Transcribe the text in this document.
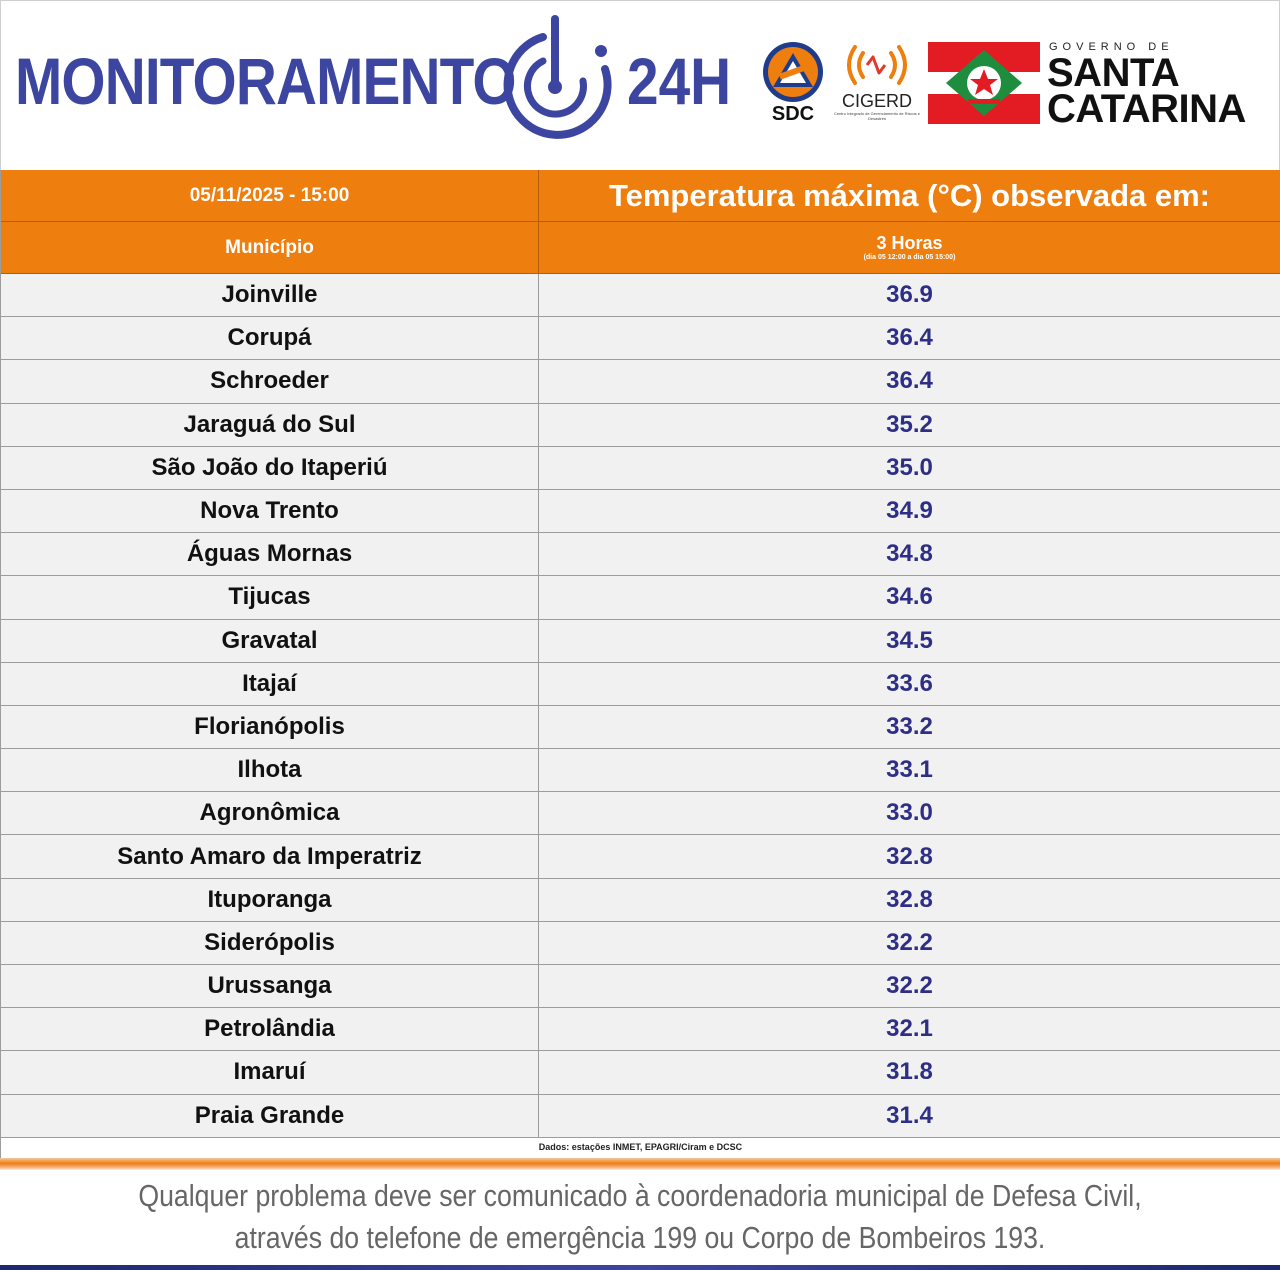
MONITORAMENTO 24H	SDC
CIGERD
Centro Integrado de Gerenciamento de Riscos e Desastres
GOVERNO DE
SANTA
CATARINA
05/11/2025 - 15:00	Temperatura máxima (°C) observada em:
Município	3 Horas
(dia 05 12:00 a dia 05 15:00)
Joinville	36.9
Corupá	36.4
Schroeder	36.4
Jaraguá do Sul	35.2
São João do Itaperiú	35.0
Nova Trento	34.9
Águas Mornas	34.8
Tijucas	34.6
Gravatal	34.5
Itajaí	33.6
Florianópolis	33.2
Ilhota	33.1
Agronômica	33.0
Santo Amaro da Imperatriz	32.8
Ituporanga	32.8
Siderópolis	32.2
Urussanga	32.2
Petrolândia	32.1
Imaruí	31.8
Praia Grande	31.4
Dados: estações INMET, EPAGRI/Ciram e DCSC
Qualquer problema deve ser comunicado à coordenadoria municipal de Defesa Civil,
através do telefone de emergência 199 ou Corpo de Bombeiros 193.
